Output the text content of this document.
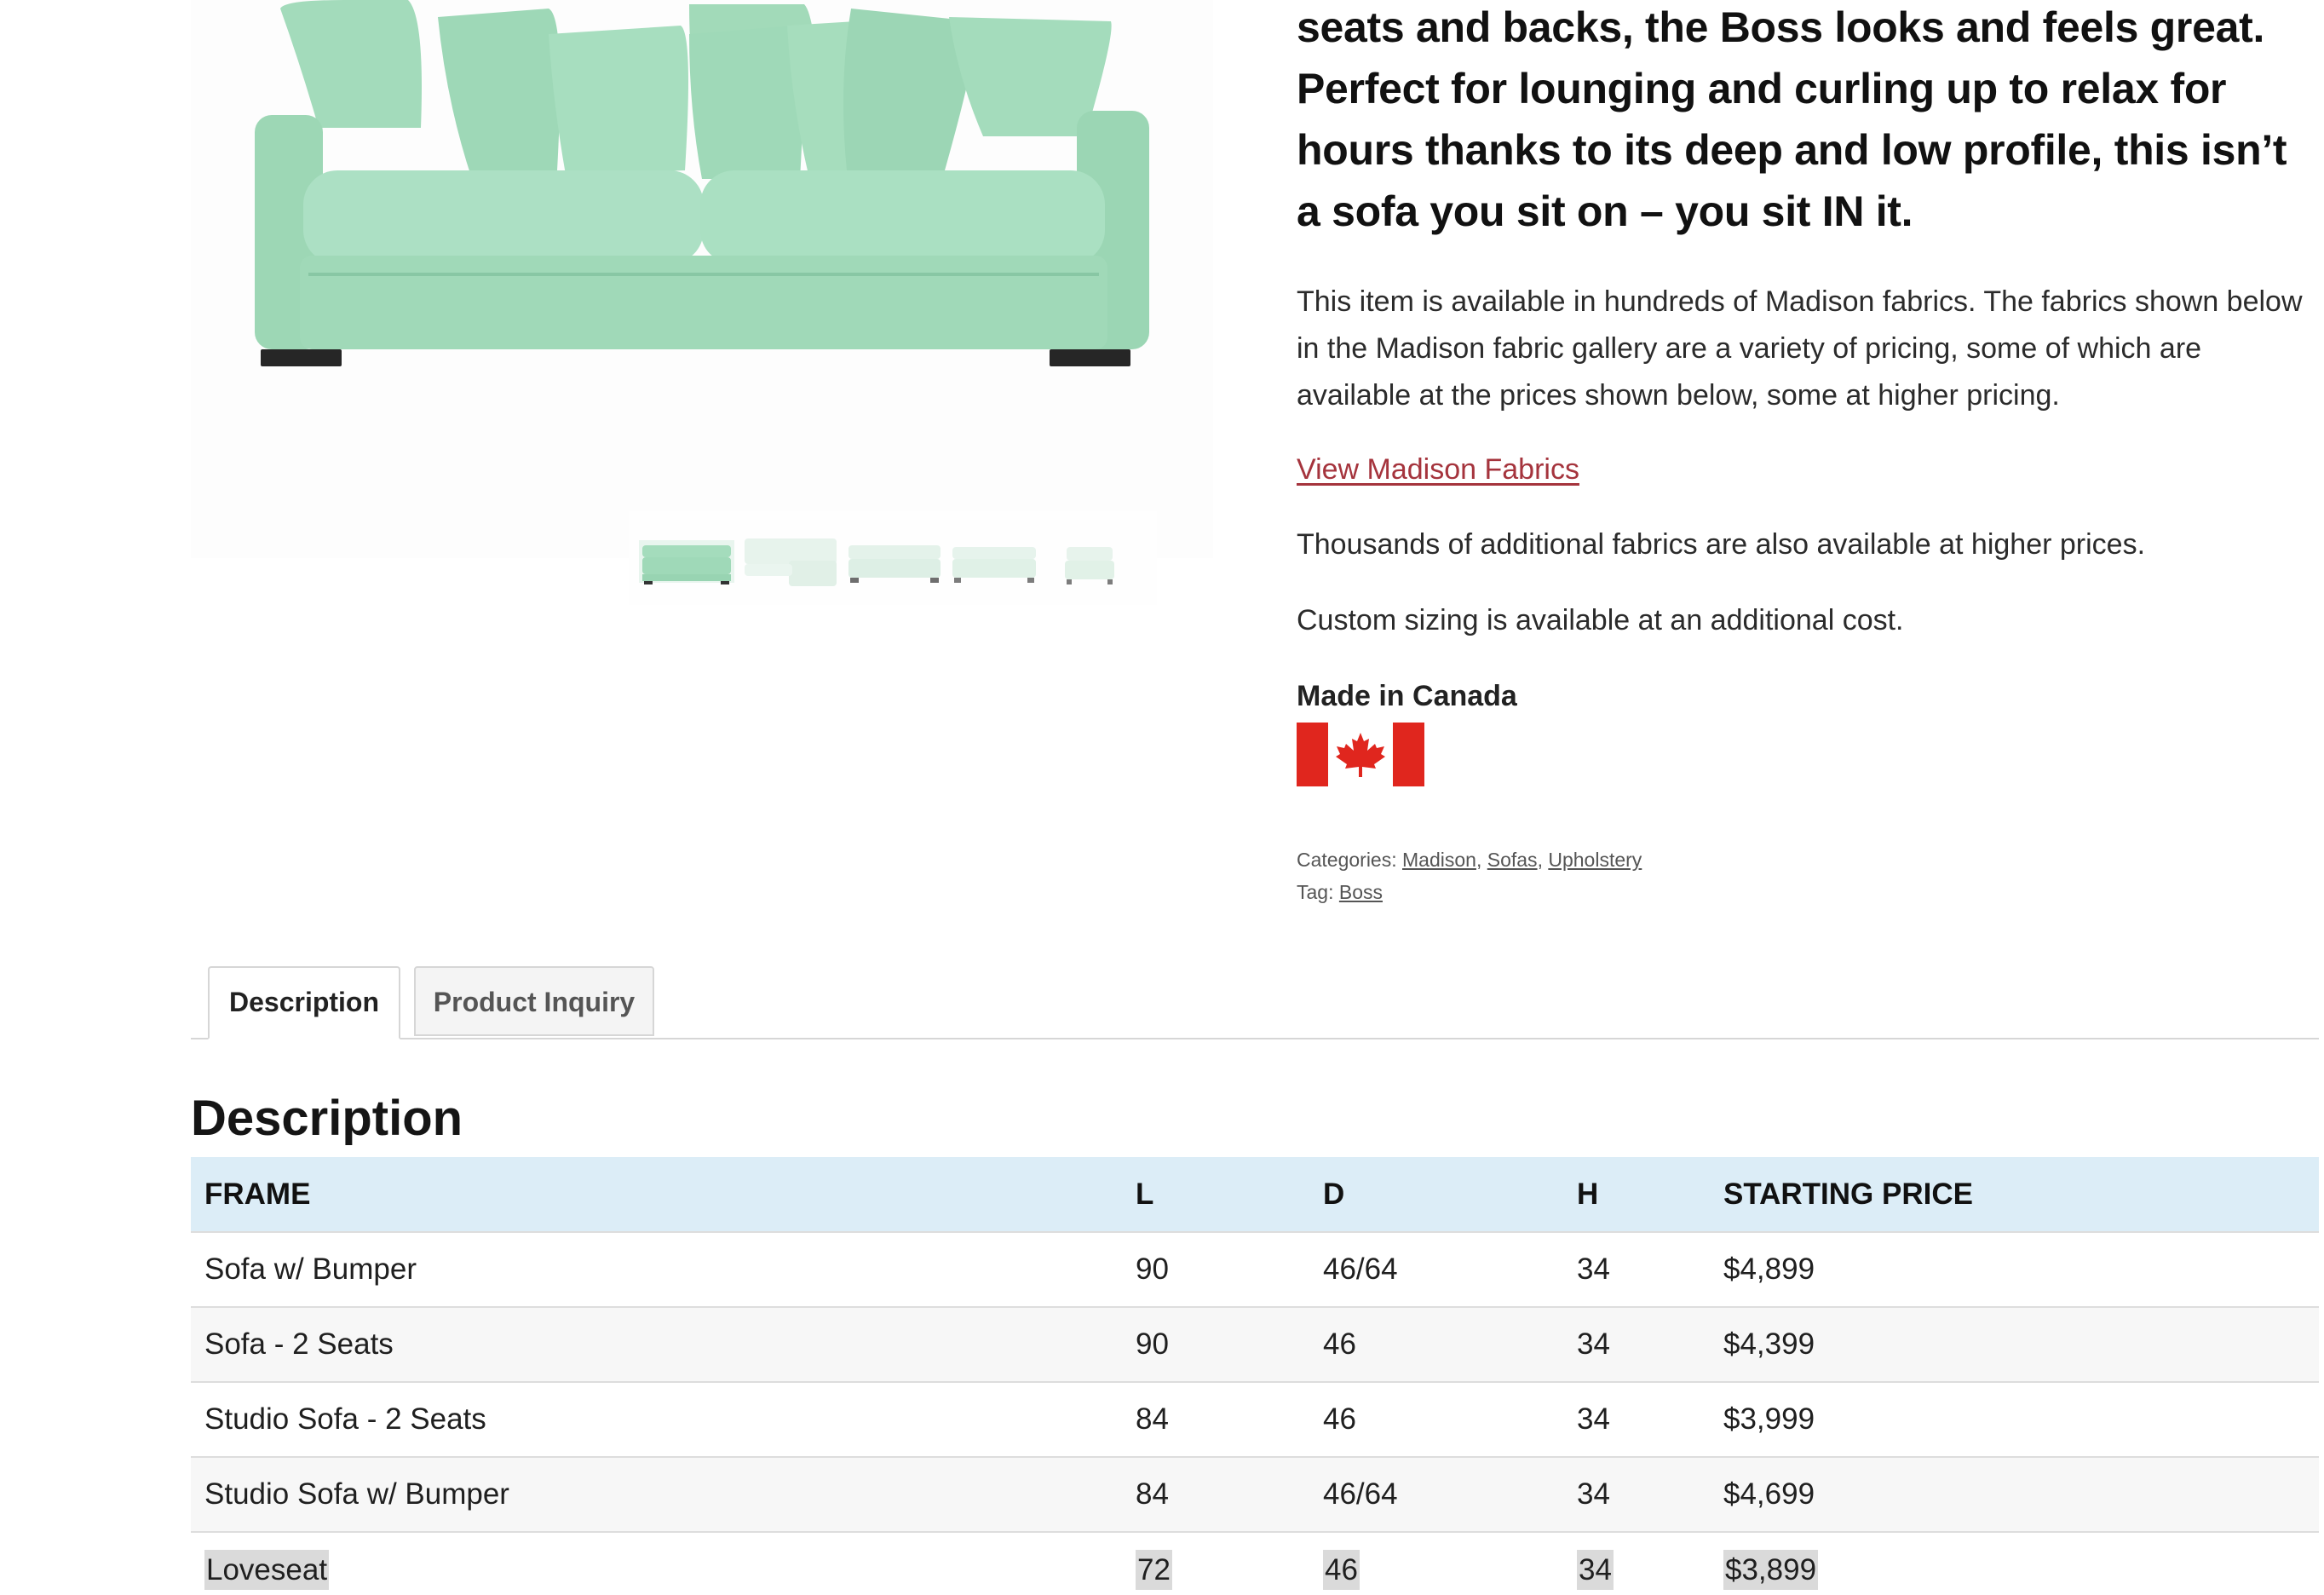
seats and backs, the Boss looks and feels great. Perfect for lounging and curling up to relax for hours thanks to its deep and low profile, this isn’t a sofa you sit on – you sit IN it.

This item is available in hundreds of Madison fabrics. The fabrics shown below in the Madison fabric gallery are a variety of pricing, some of which are available at the prices shown below, some at higher pricing.

View Madison Fabrics

Thousands of additional fabrics are also available at higher prices.

Custom sizing is available at an additional cost.

Made in Canada

Categories: Madison, Sofas, Upholstery
Tag: Boss
Description	Product Inquiry
Description
FRAME	L	D	H	STARTING PRICE
Sofa w/ Bumper	90	46/64	34	$4,899
Sofa - 2 Seats	90	46	34	$4,399
Studio Sofa - 2 Seats	84	46	34	$3,999
Studio Sofa w/ Bumper	84	46/64	34	$4,699
Loveseat	72	46	34	$3,899
